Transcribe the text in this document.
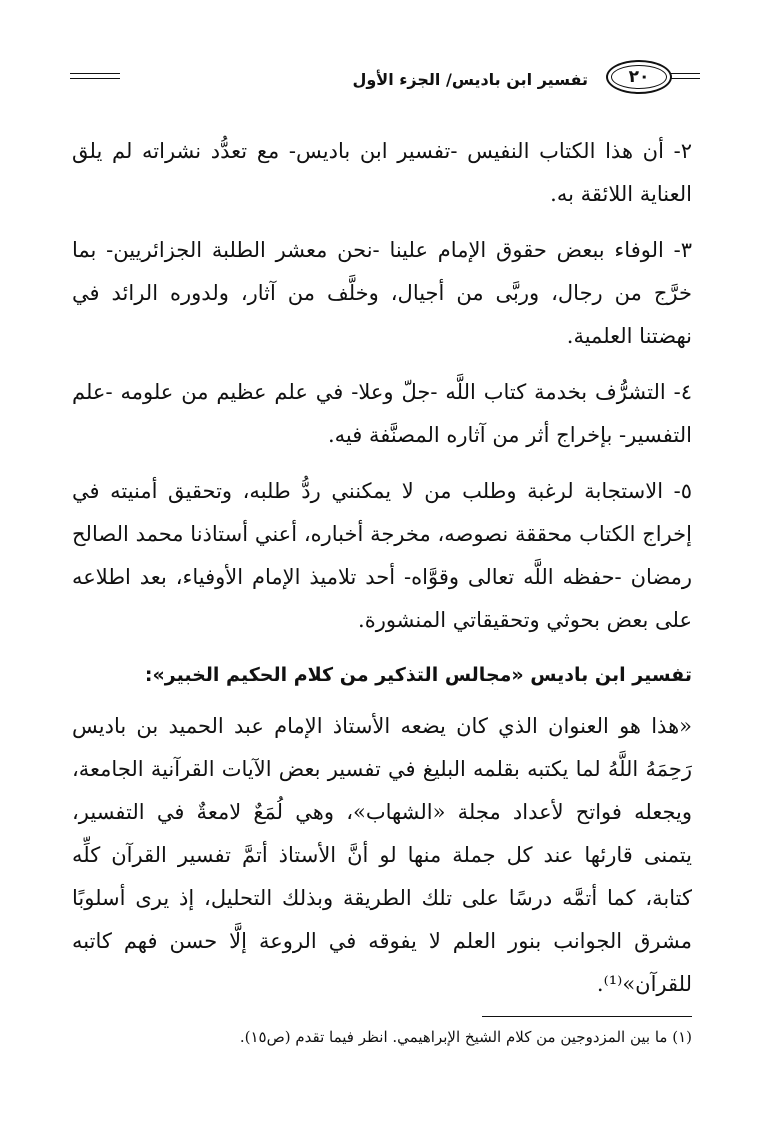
٢٠
تفسير ابن باديس/ الجزء الأول

٢- أن هذا الكتاب النفيس -تفسير ابن باديس- مع تعدُّد نشراته لم يلق العناية اللائقة به.

٣- الوفاء ببعض حقوق الإمام علينا -نحن معشر الطلبة الجزائريين- بما خرَّج من رجال، وربَّى من أجيال، وخلَّف من آثار، ولدوره الرائد في نهضتنا العلمية.

٤- التشرُّف بخدمة كتاب اللَّه -جلّ وعلا- في علم عظيم من علومه -علم التفسير- بإخراج أثر من آثاره المصنَّفة فيه.

٥- الاستجابة لرغبة وطلب من لا يمكنني ردُّ طلبه، وتحقيق أمنيته في إخراج الكتاب محققة نصوصه، مخرجة أخباره، أعني أستاذنا محمد الصالح رمضان -حفظه اللَّه تعالى وقوَّاه- أحد تلاميذ الإمام الأوفياء، بعد اطلاعه على بعض بحوثي وتحقيقاتي المنشورة.

تفسير ابن باديس «مجالس التذكير من كلام الحكيم الخبير»:

«هذا هو العنوان الذي كان يضعه الأستاذ الإمام عبد الحميد بن باديس رَحِمَهُ اللَّهُ لما يكتبه بقلمه البليغ في تفسير بعض الآيات القرآنية الجامعة، ويجعله فواتح لأعداد مجلة «الشهاب»، وهي لُمَعٌ لامعةٌ في التفسير، يتمنى قارئها عند كل جملة منها لو أنَّ الأستاذ أتمَّ تفسير القرآن كلِّه كتابة، كما أتمَّه درسًا على تلك الطريقة وبذلك التحليل، إذ يرى أسلوبًا مشرق الجوانب بنور العلم لا يفوقه في الروعة إلَّا حسن فهم كاتبه للقرآن»⁽¹⁾.

(١) ما بين المزدوجين من كلام الشيخ الإبراهيمي. انظر فيما تقدم (ص١٥).
